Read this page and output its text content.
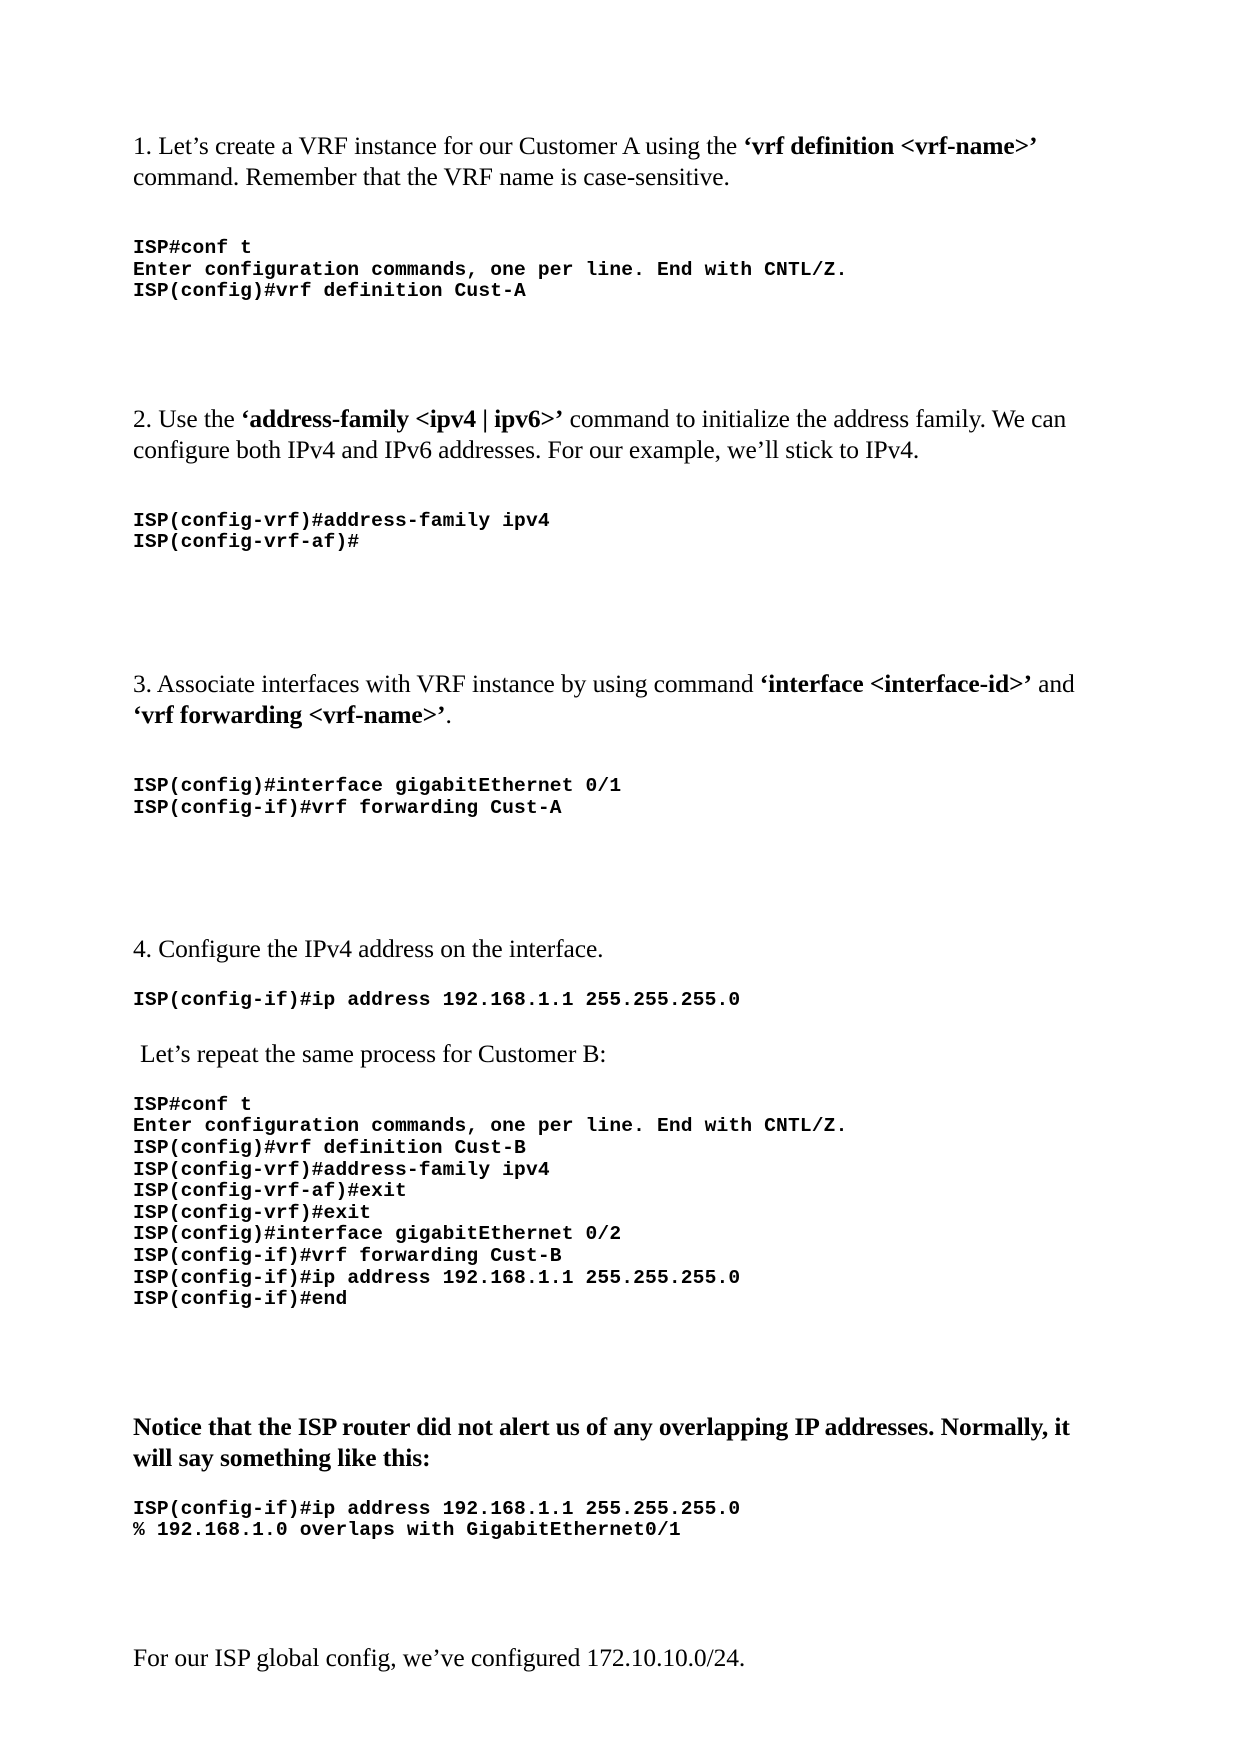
1. Let’s create a VRF instance for our Customer A using the ‘vrf definition <vrf-name>’ command. Remember that the VRF name is case-sensitive.

ISP#conf t
Enter configuration commands, one per line. End with CNTL/Z.
ISP(config)#vrf definition Cust-A

2. Use the ‘address-family <ipv4 | ipv6>’ command to initialize the address family. We can configure both IPv4 and IPv6 addresses. For our example, we’ll stick to IPv4.

ISP(config-vrf)#address-family ipv4
ISP(config-vrf-af)#

3. Associate interfaces with VRF instance by using command ‘interface <interface-id>’ and ‘vrf forwarding <vrf-name>’.

ISP(config)#interface gigabitEthernet 0/1
ISP(config-if)#vrf forwarding Cust-A

4. Configure the IPv4 address on the interface.

ISP(config-if)#ip address 192.168.1.1 255.255.255.0

Let’s repeat the same process for Customer B:

ISP#conf t
Enter configuration commands, one per line. End with CNTL/Z.
ISP(config)#vrf definition Cust-B
ISP(config-vrf)#address-family ipv4
ISP(config-vrf-af)#exit
ISP(config-vrf)#exit
ISP(config)#interface gigabitEthernet 0/2
ISP(config-if)#vrf forwarding Cust-B
ISP(config-if)#ip address 192.168.1.1 255.255.255.0
ISP(config-if)#end

Notice that the ISP router did not alert us of any overlapping IP addresses. Normally, it will say something like this:

ISP(config-if)#ip address 192.168.1.1 255.255.255.0
% 192.168.1.0 overlaps with GigabitEthernet0/1

For our ISP global config, we’ve configured 172.10.10.0/24.
